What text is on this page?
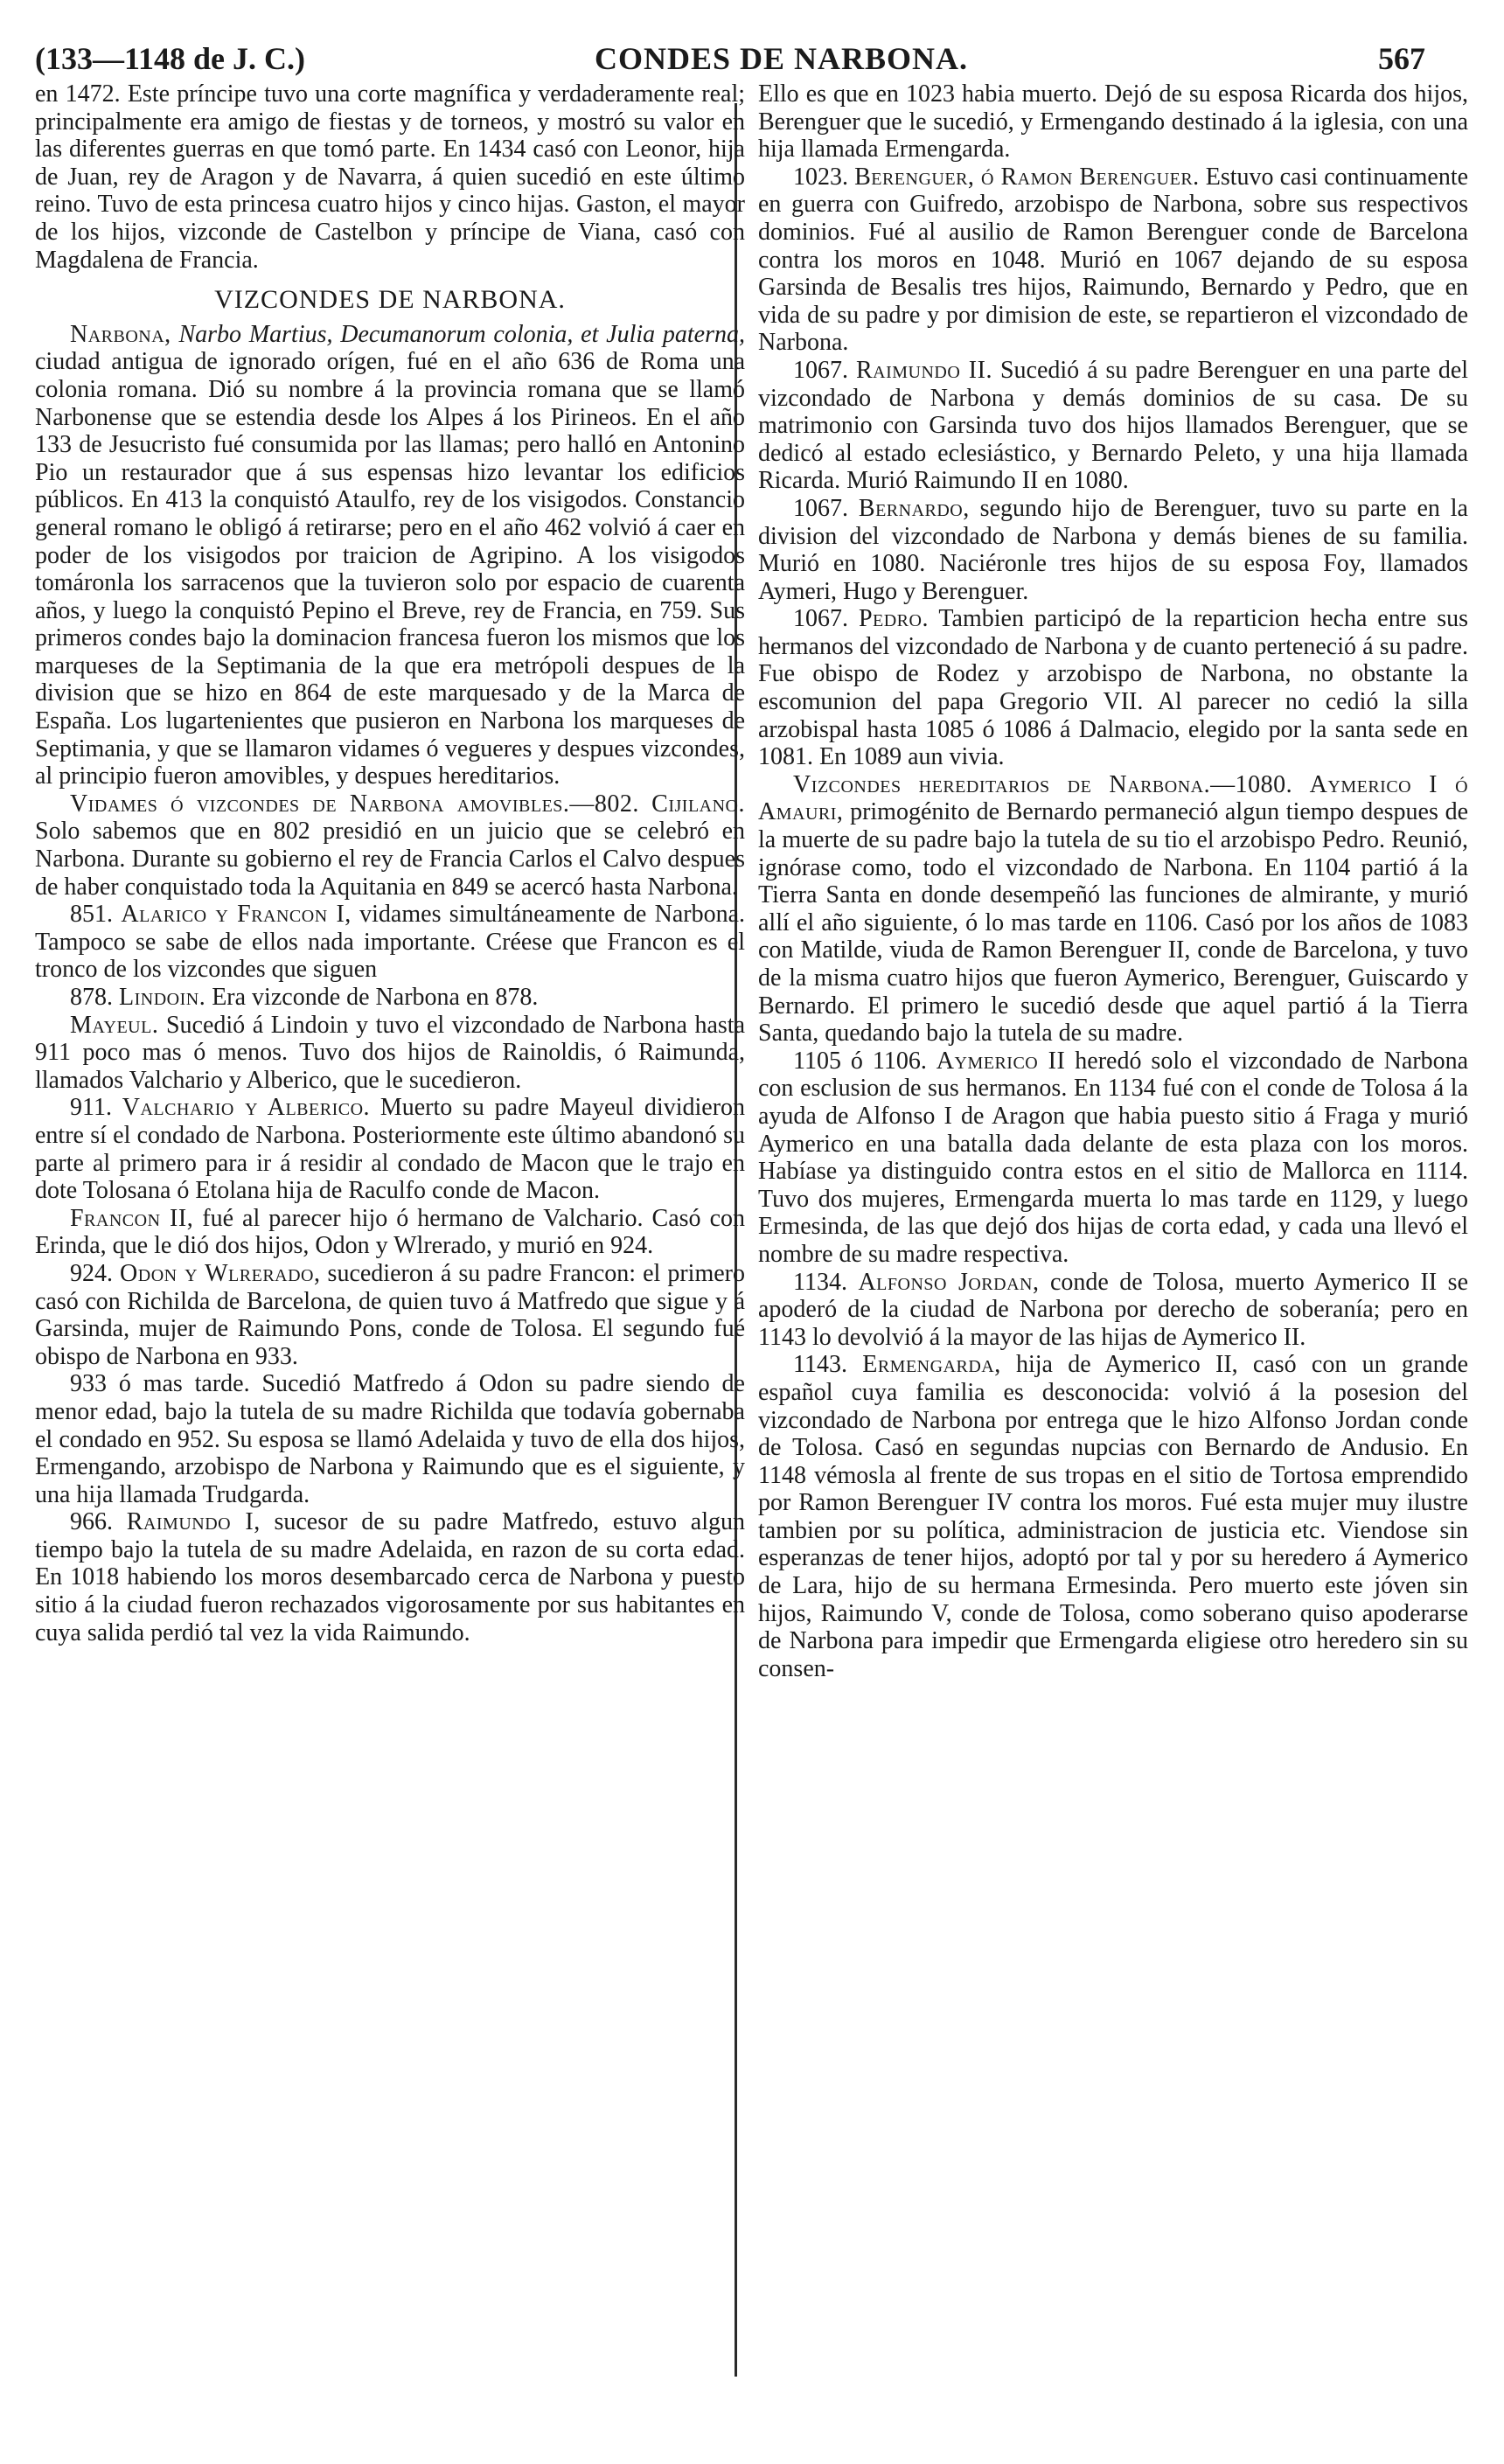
(133—1148 de J. C.)	CONDES DE NARBONA.	567

en 1472. Este príncipe tuvo una corte magnífica y verdaderamente real; principalmente era amigo de fiestas y de torneos, y mostró su valor en las diferentes guerras en que tomó parte. En 1434 casó con Leonor, hija de Juan, rey de Aragon y de Navarra, á quien sucedió en este último reino. Tuvo de esta princesa cuatro hijos y cinco hijas. Gaston, el mayor de los hijos, vizconde de Castelbon y príncipe de Viana, casó con Magdalena de Francia.

VIZCONDES DE NARBONA.

Narbona, Narbo Martius, Decumanorum colonia, et Julia paterna, ciudad antigua de ignorado orígen, fué en el año 636 de Roma una colonia romana. Dió su nombre á la provincia romana que se llamó Narbonense que se estendia desde los Alpes á los Pirineos. En el año 133 de Jesucristo fué consumida por las llamas; pero halló en Antonino Pio un restaurador que á sus espensas hizo levantar los edificios públicos. En 413 la conquistó Ataulfo, rey de los visigodos. Constancio general romano le obligó á retirarse; pero en el año 462 volvió á caer en poder de los visigodos por traicion de Agripino. A los visigodos tomáronla los sarracenos que la tuvieron solo por espacio de cuarenta años, y luego la conquistó Pepino el Breve, rey de Francia, en 759. Sus primeros condes bajo la dominacion francesa fueron los mismos que los marqueses de la Septimania de la que era metrópoli despues de la division que se hizo en 864 de este marquesado y de la Marca de España. Los lugartenientes que pusieron en Narbona los marqueses de Septimania, y que se llamaron vidames ó vegueres y despues vizcondes, al principio fueron amovibles, y despues hereditarios.

Vidames ó vizcondes de Narbona amovibles.—802. Cijilano. Solo sabemos que en 802 presidió en un juicio que se celebró en Narbona. Durante su gobierno el rey de Francia Carlos el Calvo despues de haber conquistado toda la Aquitania en 849 se acercó hasta Narbona.

851. Alarico y Francon I, vidames simultáneamente de Narbona. Tampoco se sabe de ellos nada importante. Créese que Francon es el tronco de los vizcondes que siguen

878. Lindoin. Era vizconde de Narbona en 878.

Mayeul. Sucedió á Lindoin y tuvo el vizcondado de Narbona hasta 911 poco mas ó menos. Tuvo dos hijos de Rainoldis, ó Raimunda, llamados Valchario y Alberico, que le sucedieron.

911. Valchario y Alberico. Muerto su padre Mayeul dividieron entre sí el condado de Narbona. Posteriormente este último abandonó su parte al primero para ir á residir al condado de Macon que le trajo en dote Tolosana ó Etolana hija de Raculfo conde de Macon.

Francon II, fué al parecer hijo ó hermano de Valchario. Casó con Erinda, que le dió dos hijos, Odon y Wlrerado, y murió en 924.

924. Odon y Wlrerado, sucedieron á su padre Francon: el primero casó con Richilda de Barcelona, de quien tuvo á Matfredo que sigue y á Garsinda, mujer de Raimundo Pons, conde de Tolosa. El segundo fué obispo de Narbona en 933.

933 ó mas tarde. Sucedió Matfredo á Odon su padre siendo de menor edad, bajo la tutela de su madre Richilda que todavía gobernaba el condado en 952. Su esposa se llamó Adelaida y tuvo de ella dos hijos, Ermengando, arzobispo de Narbona y Raimundo que es el siguiente, y una hija llamada Trudgarda.

966. Raimundo I, sucesor de su padre Matfredo, estuvo algun tiempo bajo la tutela de su madre Adelaida, en razon de su corta edad. En 1018 habiendo los moros desembarcado cerca de Narbona y puesto sitio á la ciudad fueron rechazados vigorosamente por sus habitantes en cuya salida perdió tal vez la vida Raimundo.

Ello es que en 1023 habia muerto. Dejó de su esposa Ricarda dos hijos, Berenguer que le sucedió, y Ermengando destinado á la iglesia, con una hija llamada Ermengarda.

1023. Berenguer, ó Ramon Berenguer. Estuvo casi continuamente en guerra con Guifredo, arzobispo de Narbona, sobre sus respectivos dominios. Fué al ausilio de Ramon Berenguer conde de Barcelona contra los moros en 1048. Murió en 1067 dejando de su esposa Garsinda de Besalis tres hijos, Raimundo, Bernardo y Pedro, que en vida de su padre y por dimision de este, se repartieron el vizcondado de Narbona.

1067. Raimundo II. Sucedió á su padre Berenguer en una parte del vizcondado de Narbona y demás dominios de su casa. De su matrimonio con Garsinda tuvo dos hijos llamados Berenguer, que se dedicó al estado eclesiástico, y Bernardo Peleto, y una hija llamada Ricarda. Murió Raimundo II en 1080.

1067. Bernardo, segundo hijo de Berenguer, tuvo su parte en la division del vizcondado de Narbona y demás bienes de su familia. Murió en 1080. Naciéronle tres hijos de su esposa Foy, llamados Aymeri, Hugo y Berenguer.

1067. Pedro. Tambien participó de la reparticion hecha entre sus hermanos del vizcondado de Narbona y de cuanto perteneció á su padre. Fue obispo de Rodez y arzobispo de Narbona, no obstante la escomunion del papa Gregorio VII. Al parecer no cedió la silla arzobispal hasta 1085 ó 1086 á Dalmacio, elegido por la santa sede en 1081. En 1089 aun vivia.

Vizcondes hereditarios de Narbona.—1080. Aymerico I ó Amauri, primogénito de Bernardo permaneció algun tiempo despues de la muerte de su padre bajo la tutela de su tio el arzobispo Pedro. Reunió, ignórase como, todo el vizcondado de Narbona. En 1104 partió á la Tierra Santa en donde desempeñó las funciones de almirante, y murió allí el año siguiente, ó lo mas tarde en 1106. Casó por los años de 1083 con Matilde, viuda de Ramon Berenguer II, conde de Barcelona, y tuvo de la misma cuatro hijos que fueron Aymerico, Berenguer, Guiscardo y Bernardo. El primero le sucedió desde que aquel partió á la Tierra Santa, quedando bajo la tutela de su madre.

1105 ó 1106. Aymerico II heredó solo el vizcondado de Narbona con esclusion de sus hermanos. En 1134 fué con el conde de Tolosa á la ayuda de Alfonso I de Aragon que habia puesto sitio á Fraga y murió Aymerico en una batalla dada delante de esta plaza con los moros. Habíase ya distinguido contra estos en el sitio de Mallorca en 1114. Tuvo dos mujeres, Ermengarda muerta lo mas tarde en 1129, y luego Ermesinda, de las que dejó dos hijas de corta edad, y cada una llevó el nombre de su madre respectiva.

1134. Alfonso Jordan, conde de Tolosa, muerto Aymerico II se apoderó de la ciudad de Narbona por derecho de soberanía; pero en 1143 lo devolvió á la mayor de las hijas de Aymerico II.

1143. Ermengarda, hija de Aymerico II, casó con un grande español cuya familia es desconocida: volvió á la posesion del vizcondado de Narbona por entrega que le hizo Alfonso Jordan conde de Tolosa. Casó en segundas nupcias con Bernardo de Andusio. En 1148 vémosla al frente de sus tropas en el sitio de Tortosa emprendido por Ramon Berenguer IV contra los moros. Fué esta mujer muy ilustre tambien por su política, administracion de justicia etc. Viendose sin esperanzas de tener hijos, adoptó por tal y por su heredero á Aymerico de Lara, hijo de su hermana Ermesinda. Pero muerto este jóven sin hijos, Raimundo V, conde de Tolosa, como soberano quiso apoderarse de Narbona para impedir que Ermengarda eligiese otro heredero sin su consen-
